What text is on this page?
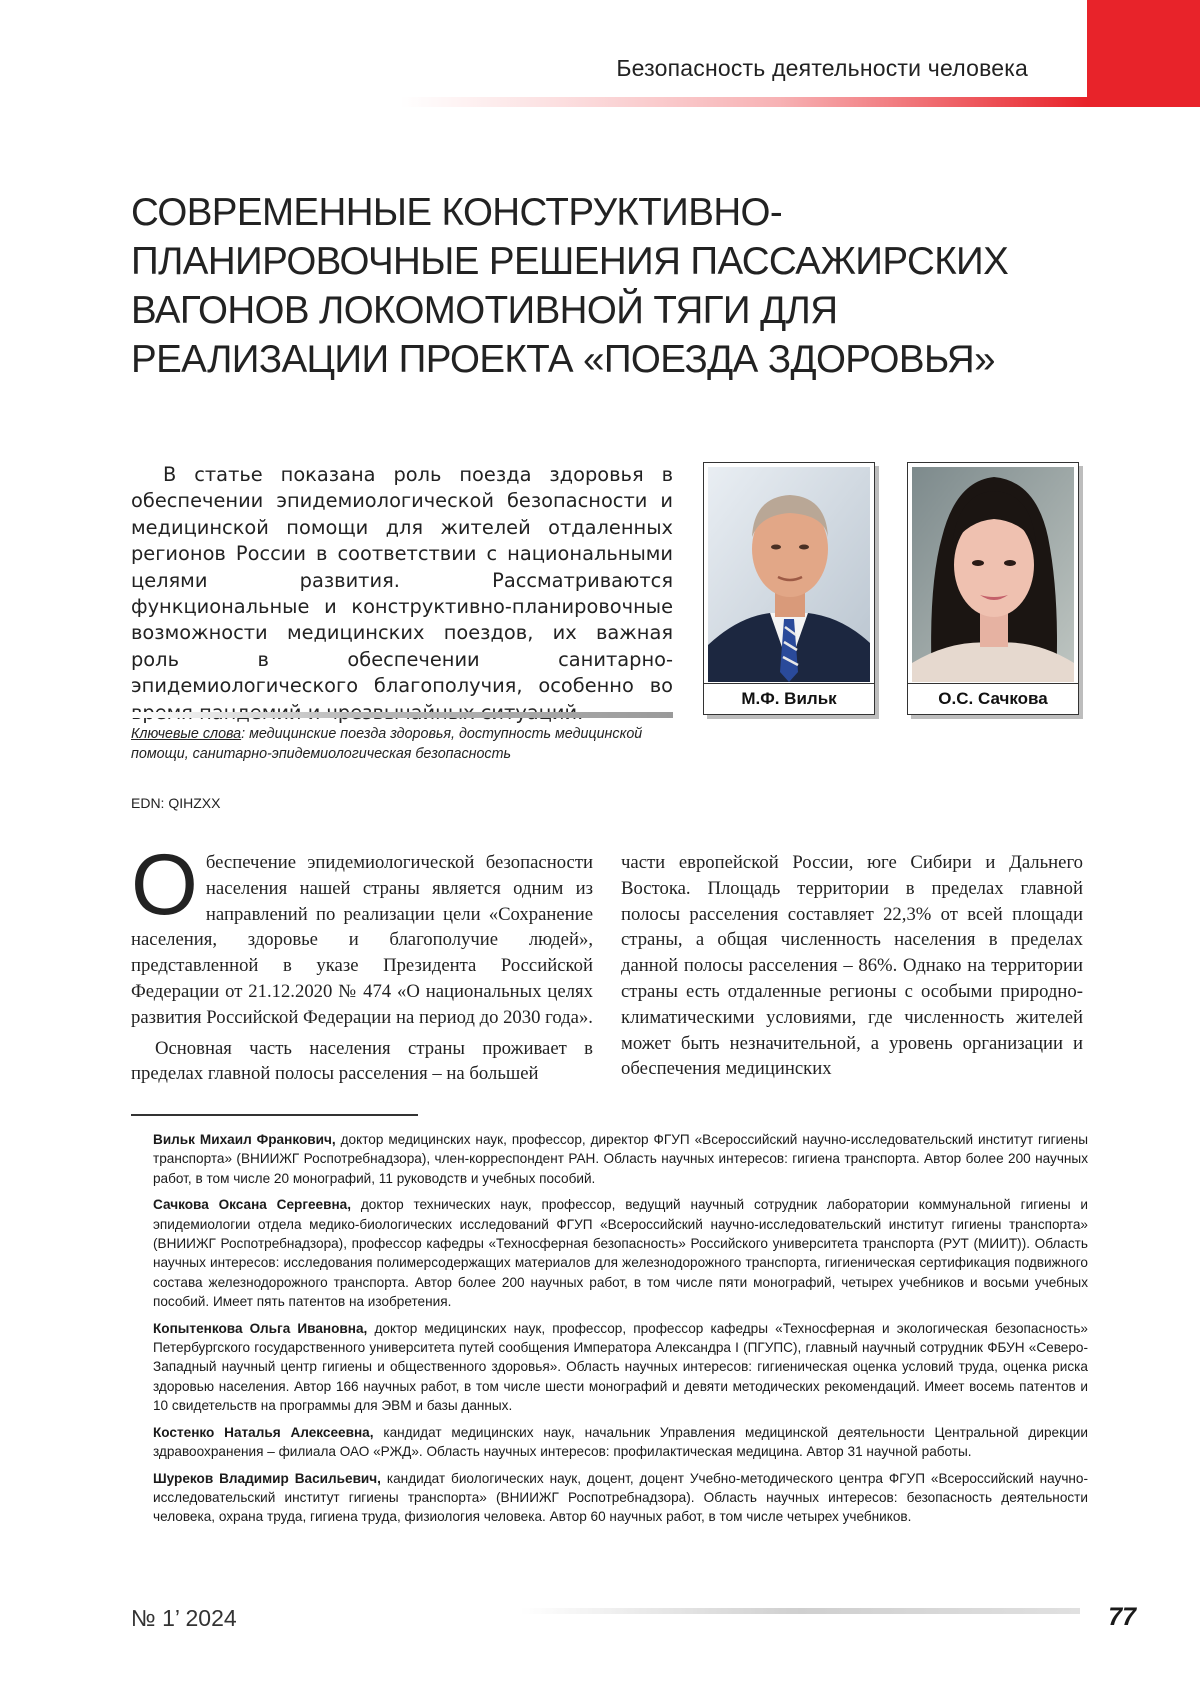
Безопасность деятельности человека
СОВРЕМЕННЫЕ КОНСТРУКТИВНО-ПЛАНИРОВОЧНЫЕ РЕШЕНИЯ ПАССАЖИРСКИХ ВАГОНОВ ЛОКОМОТИВНОЙ ТЯГИ ДЛЯ РЕАЛИЗАЦИИ ПРОЕКТА «ПОЕЗДА ЗДОРОВЬЯ»

В статье показана роль поезда здоровья в обеспечении эпидемиологической безопасности и медицинской помощи для жителей отдаленных регионов России в соответствии с национальными целями развития. Рассматриваются функциональные и конструктивно-планировочные возможности медицинских поездов, их важная роль в обеспечении санитарно-эпидемиологического благополучия, особенно во

Ключевые слова: медицинские поезда здоровья, доступность медицинской помощи, санитарно-эпидемиологическая безопасность

EDN: QIHZXX
М.Ф. Вильк	О.С. Сачкова

Обеспечение эпидемиологической безопасности населения нашей страны является одним из направлений по реализации цели «Сохранение населения, здоровье и благополучие людей», представленной в указе Президента Российской Федерации от 21.12.2020 № 474 «О национальных целях развития Российской Федерации на период до 2030 года».

Основная часть населения страны проживает в пределах главной полосы расселения – на большей

части европейской России, юге Сибири и Дальнего Востока. Площадь территории в пределах главной полосы расселения составляет 22,3% от всей площади страны, а общая численность населения в пределах данной полосы расселения – 86%. Однако на территории страны есть отдаленные регионы с особыми природно-климатическими условиями, где численность жителей может быть незначительной, а уровень организации и обеспечения медицинских

Вильк Михаил Франкович, доктор медицинских наук, профессор, директор ФГУП «Всероссийский научно-исследовательский институт гигиены транспорта» (ВНИИЖГ Роспотребнадзора), член-корреспондент РАН. Область научных интересов: гигиена транспорта. Автор более 200 научных работ, в том числе 20 монографий, 11 руководств и учебных пособий.

Сачкова Оксана Сергеевна, доктор технических наук, профессор, ведущий научный сотрудник лаборатории коммунальной гигиены и эпидемиологии отдела медико-биологических исследований ФГУП «Всероссийский научно-исследовательский институт гигиены транспорта» (ВНИИЖГ Роспотребнадзора), профессор кафедры «Техносферная безопасность» Российского университета транспорта (РУТ (МИИТ)). Область научных интересов: исследования полимерсодержащих материалов для железнодорожного транспорта, гигиеническая сертификация подвижного состава железнодорожного транспорта. Автор более 200 научных работ, в том числе пяти монографий, четырех учебников и восьми учебных пособий. Имеет пять патентов на изобретения.

Копытенкова Ольга Ивановна, доктор медицинских наук, профессор, профессор кафедры «Техносферная и экологическая безопасность» Петербургского государственного университета путей сообщения Императора Александра I (ПГУПС), главный научный сотрудник ФБУН «Северо-Западный научный центр гигиены и общественного здоровья». Область научных интересов: гигиеническая оценка условий труда, оценка риска здоровью населения. Автор 166 научных работ, в том числе шести монографий и девяти методических рекомендаций. Имеет восемь патентов и 10 свидетельств на программы для ЭВМ и базы данных.

Костенко Наталья Алексеевна, кандидат медицинских наук, начальник Управления медицинской деятельности Центральной дирекции здравоохранения – филиала ОАО «РЖД». Область научных интересов: профилактическая медицина. Автор 31 научной работы.

Шуреков Владимир Васильевич, кандидат биологических наук, доцент, доцент Учебно-методического центра ФГУП «Всероссийский научно-исследовательский институт гигиены транспорта» (ВНИИЖГ Роспотребнадзора). Область научных интересов: безопасность деятельности человека, охрана труда, гигиена труда, физиология человека. Автор 60 научных работ, в том числе четырех учебников.

№ 1’ 2024	77
